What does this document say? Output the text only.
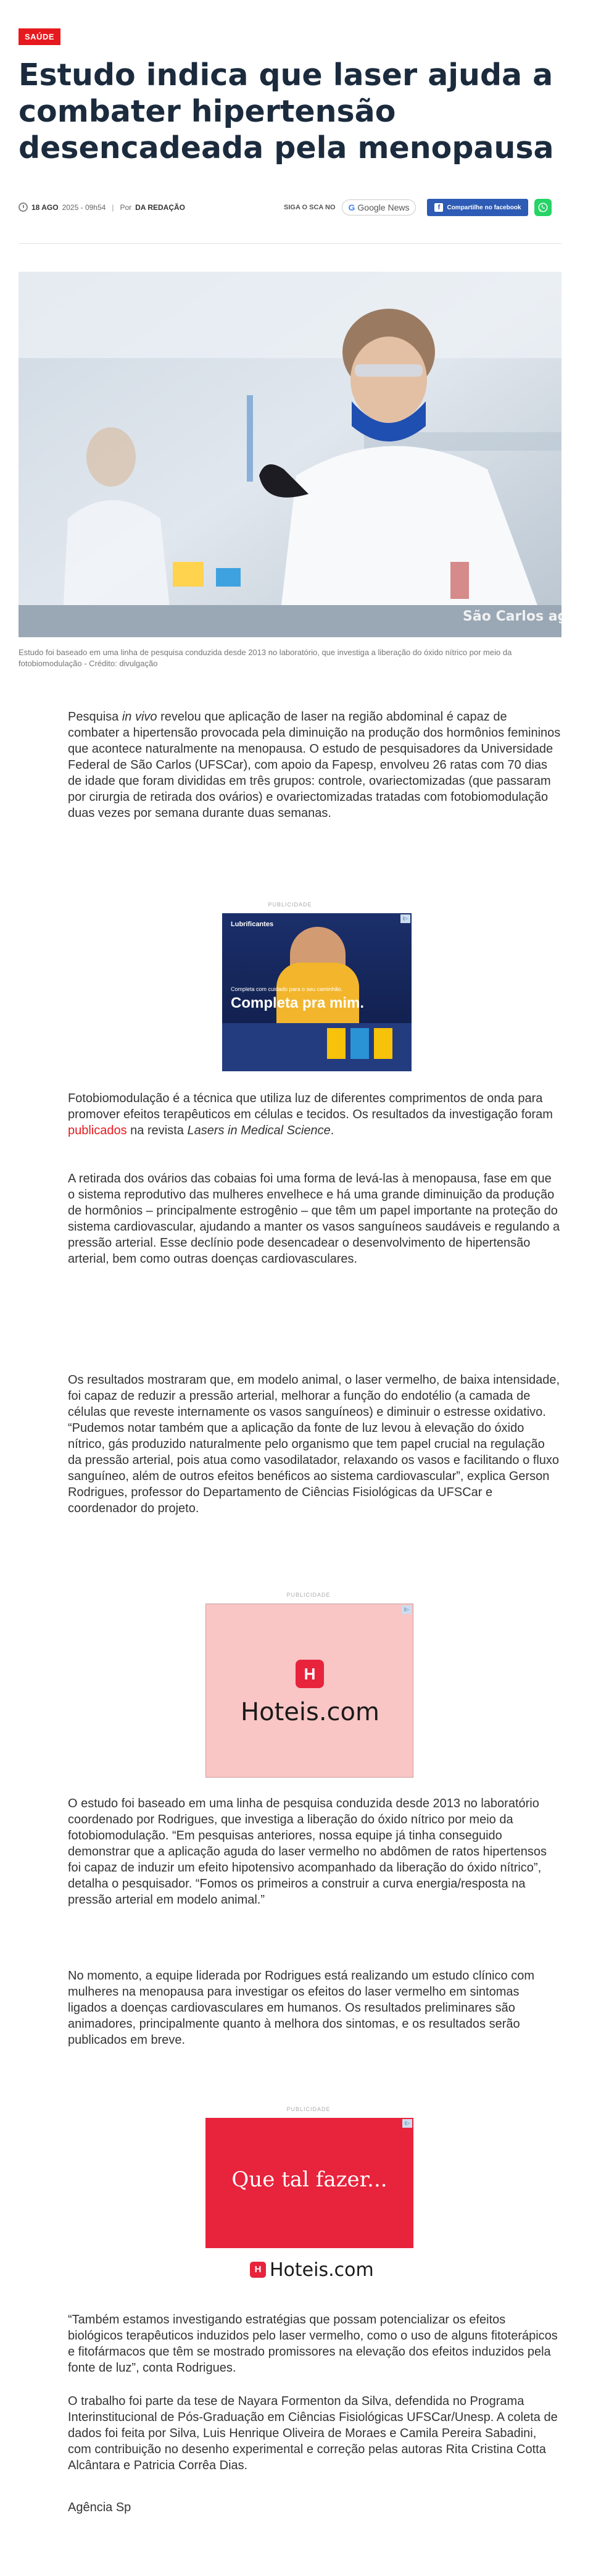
SAÚDE
Estudo indica que laser ajuda a combater hipertensão desencadeada pela menopausa
18 AGO 2025 - 09h54 | Por DA REDAÇÃO	SIGA O SCA NO G Google News	f	Compartilhe no facebook
São Carlos agora

Estudo foi baseado em uma linha de pesquisa conduzida desde 2013 no laboratório, que investiga a liberação do óxido nítrico por meio da fotobiomodulação - Crédito: divulgação

Pesquisa in vivo revelou que aplicação de laser na região abdominal é capaz de combater a hipertensão provocada pela diminuição na produção dos hormônios femininos que acontece naturalmente na menopausa. O estudo de pesquisadores da Universidade Federal de São Carlos (UFSCar), com apoio da Fapesp, envolveu 26 ratas com 70 dias de idade que foram divididas em três grupos: controle, ovariectomizadas (que passaram por cirurgia de retirada dos ovários) e ovariectomizadas tratadas com fotobiomodulação duas vezes por semana durante duas semanas.

PUBLICIDADE
i▷
Lubrificantes
Completa com cuidado para o seu caminhão.
Completa pra mim.

Fotobiomodulação é a técnica que utiliza luz de diferentes comprimentos de onda para promover efeitos terapêuticos em células e tecidos. Os resultados da investigação foram publicados na revista Lasers in Medical Science.

A retirada dos ovários das cobaias foi uma forma de levá-las à menopausa, fase em que o sistema reprodutivo das mulheres envelhece e há uma grande diminuição da produção de hormônios – principalmente estrogênio – que têm um papel importante na proteção do sistema cardiovascular, ajudando a manter os vasos sanguíneos saudáveis e regulando a pressão arterial. Esse declínio pode desencadear o desenvolvimento de hipertensão arterial, bem como outras doenças cardiovasculares.

Os resultados mostraram que, em modelo animal, o laser vermelho, de baixa intensidade, foi capaz de reduzir a pressão arterial, melhorar a função do endotélio (a camada de células que reveste internamente os vasos sanguíneos) e diminuir o estresse oxidativo. “Pudemos notar também que a aplicação da fonte de luz levou à elevação do óxido nítrico, gás produzido naturalmente pelo organismo que tem papel crucial na regulação da pressão arterial, pois atua como vasodilatador, relaxando os vasos e facilitando o fluxo sanguíneo, além de outros efeitos benéficos ao sistema cardiovascular”, explica Gerson Rodrigues, professor do Departamento de Ciências Fisiológicas da UFSCar e coordenador do projeto.

PUBLICIDADE
i▷
H
Hoteis.com

O estudo foi baseado em uma linha de pesquisa conduzida desde 2013 no laboratório coordenado por Rodrigues, que investiga a liberação do óxido nítrico por meio da fotobiomodulação. “Em pesquisas anteriores, nossa equipe já tinha conseguido demonstrar que a aplicação aguda do laser vermelho no abdômen de ratos hipertensos foi capaz de induzir um efeito hipotensivo acompanhado da liberação do óxido nítrico”, detalha o pesquisador. “Fomos os primeiros a construir a curva energia/resposta na pressão arterial em modelo animal.”

No momento, a equipe liderada por Rodrigues está realizando um estudo clínico com mulheres na menopausa para investigar os efeitos do laser vermelho em sintomas ligados a doenças cardiovasculares em humanos. Os resultados preliminares são animadores, principalmente quanto à melhora dos sintomas, e os resultados serão publicados em breve.

PUBLICIDADE
i▷
Que tal fazer...
H Hoteis.com

“Também estamos investigando estratégias que possam potencializar os efeitos biológicos terapêuticos induzidos pelo laser vermelho, como o uso de alguns fitoterápicos e fitofármacos que têm se mostrado promissores na elevação dos efeitos induzidos pela fonte de luz”, conta Rodrigues.

O trabalho foi parte da tese de Nayara Formenton da Silva, defendida no Programa Interinstitucional de Pós-Graduação em Ciências Fisiológicas UFSCar/Unesp. A coleta de dados foi feita por Silva, Luis Henrique Oliveira de Moraes e Camila Pereira Sabadini, com contribuição no desenho experimental e correção pelas autoras Rita Cristina Cotta Alcântara e Patricia Corrêa Dias.

Agência Sp
